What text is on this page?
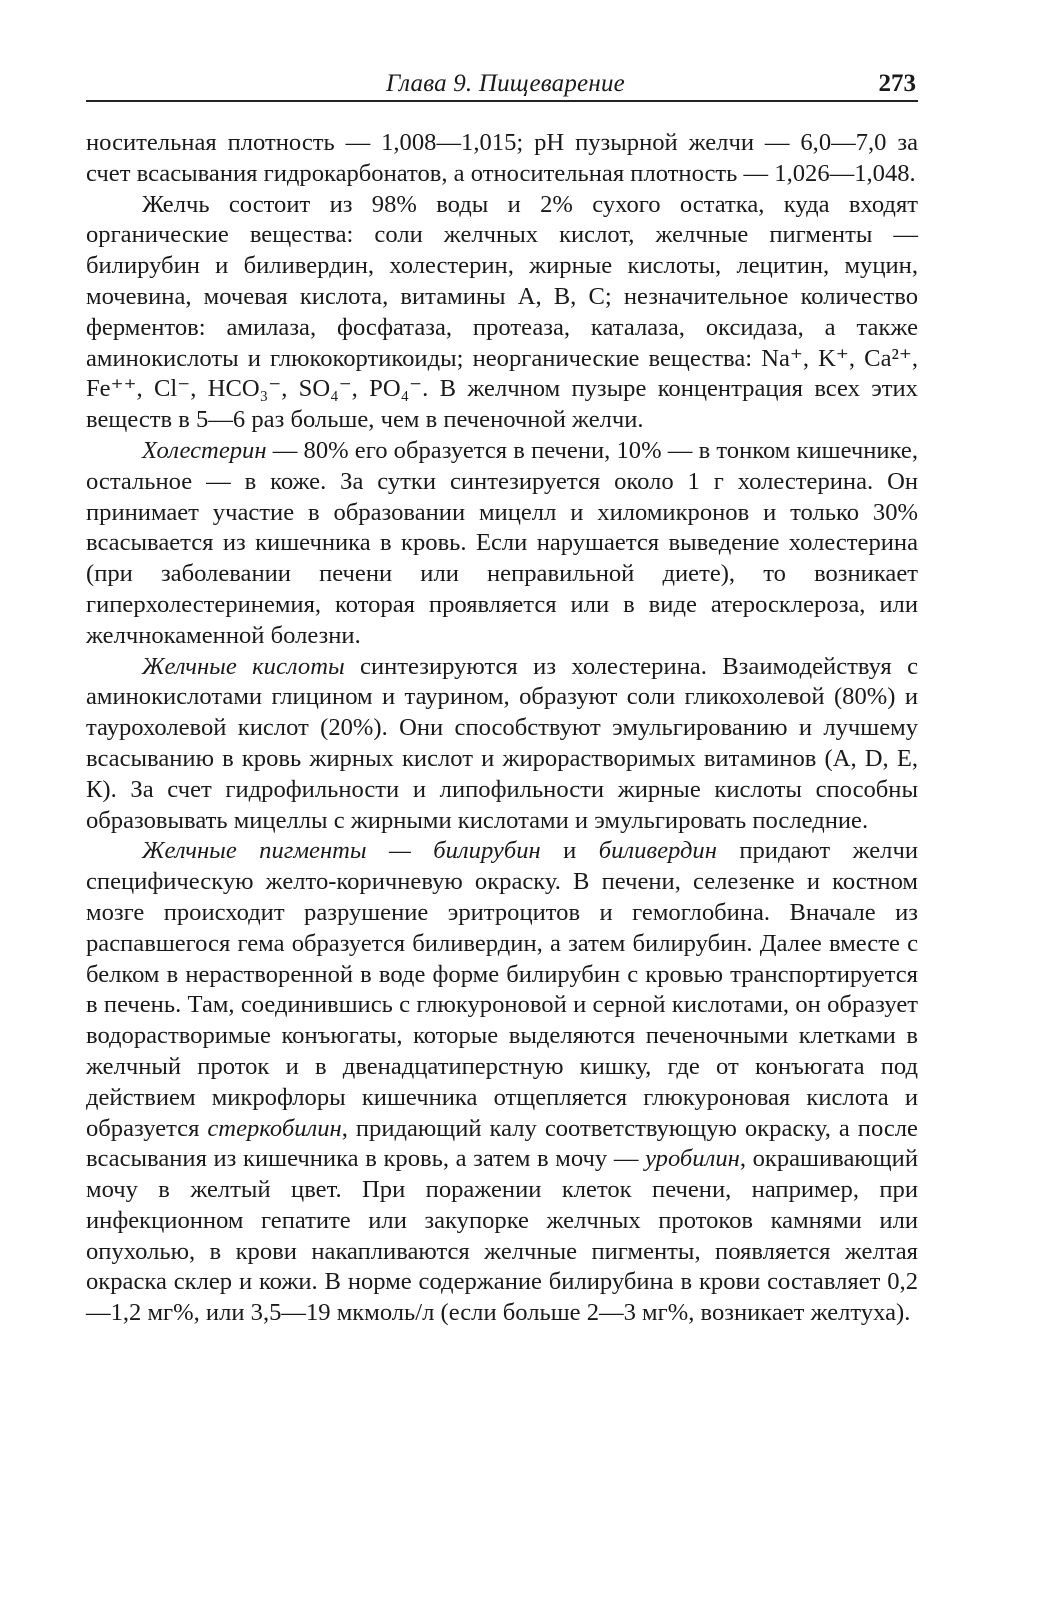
Глава 9. Пищеварение	273

носительная плотность — 1,008—1,015; pH пузырной желчи — 6,0—7,0 за счет всасывания гидрокарбонатов, а относительная плотность — 1,026—1,048.

Желчь состоит из 98% воды и 2% сухого остатка, куда входят органические вещества: соли желчных кислот, желчные пигменты — билирубин и биливердин, холестерин, жирные кислоты, лецитин, муцин, мочевина, мочевая кислота, витамины А, В, С; незначительное количество ферментов: амилаза, фосфатаза, протеаза, каталаза, оксидаза, а также аминокислоты и глюкокортикоиды; неорганические вещества: Na⁺, K⁺, Ca²⁺, Fe⁺⁺, Cl⁻, HCO₃⁻, SO₄⁻, PO₄⁻. В желчном пузыре концентрация всех этих веществ в 5—6 раз больше, чем в печеночной желчи.

Холестерин — 80% его образуется в печени, 10% — в тонком кишечнике, остальное — в коже. За сутки синтезируется около 1 г холестерина. Он принимает участие в образовании мицелл и хиломикронов и только 30% всасывается из кишечника в кровь. Если нарушается выведение холестерина (при заболевании печени или неправильной диете), то возникает гиперхолестеринемия, которая проявляется или в виде атеросклероза, или желчнокаменной болезни.

Желчные кислоты синтезируются из холестерина. Взаимодействуя с аминокислотами глицином и таурином, образуют соли гликохолевой (80%) и таурохолевой кислот (20%). Они способствуют эмульгированию и лучшему всасыванию в кровь жирных кислот и жирорастворимых витаминов (A, D, Е, К). За счет гидрофильности и липофильности жирные кислоты способны образовывать мицеллы с жирными кислотами и эмульгировать последние.

Желчные пигменты — билирубин и биливердин придают желчи специфическую желто-коричневую окраску. В печени, селезенке и костном мозге происходит разрушение эритроцитов и гемоглобина. Вначале из распавшегося гема образуется биливердин, а затем билирубин. Далее вместе с белком в нерастворенной в воде форме билирубин с кровью транспортируется в печень. Там, соединившись с глюкуроновой и серной кислотами, он образует водорастворимые конъюгаты, которые выделяются печеночными клетками в желчный проток и в двенадцатиперстную кишку, где от конъюгата под действием микрофлоры кишечника отщепляется глюкуроновая кислота и образуется стеркобилин, придающий калу соответствующую окраску, а после всасывания из кишечника в кровь, а затем в мочу — уробилин, окрашивающий мочу в желтый цвет. При поражении клеток печени, например, при инфекционном гепатите или закупорке желчных протоков камнями или опухолью, в крови накапливаются желчные пигменты, появляется желтая окраска склер и кожи. В норме содержание билирубина в крови составляет 0,2—1,2 мг%, или 3,5—19 мкмоль/л (если больше 2—3 мг%, возникает желтуха).
